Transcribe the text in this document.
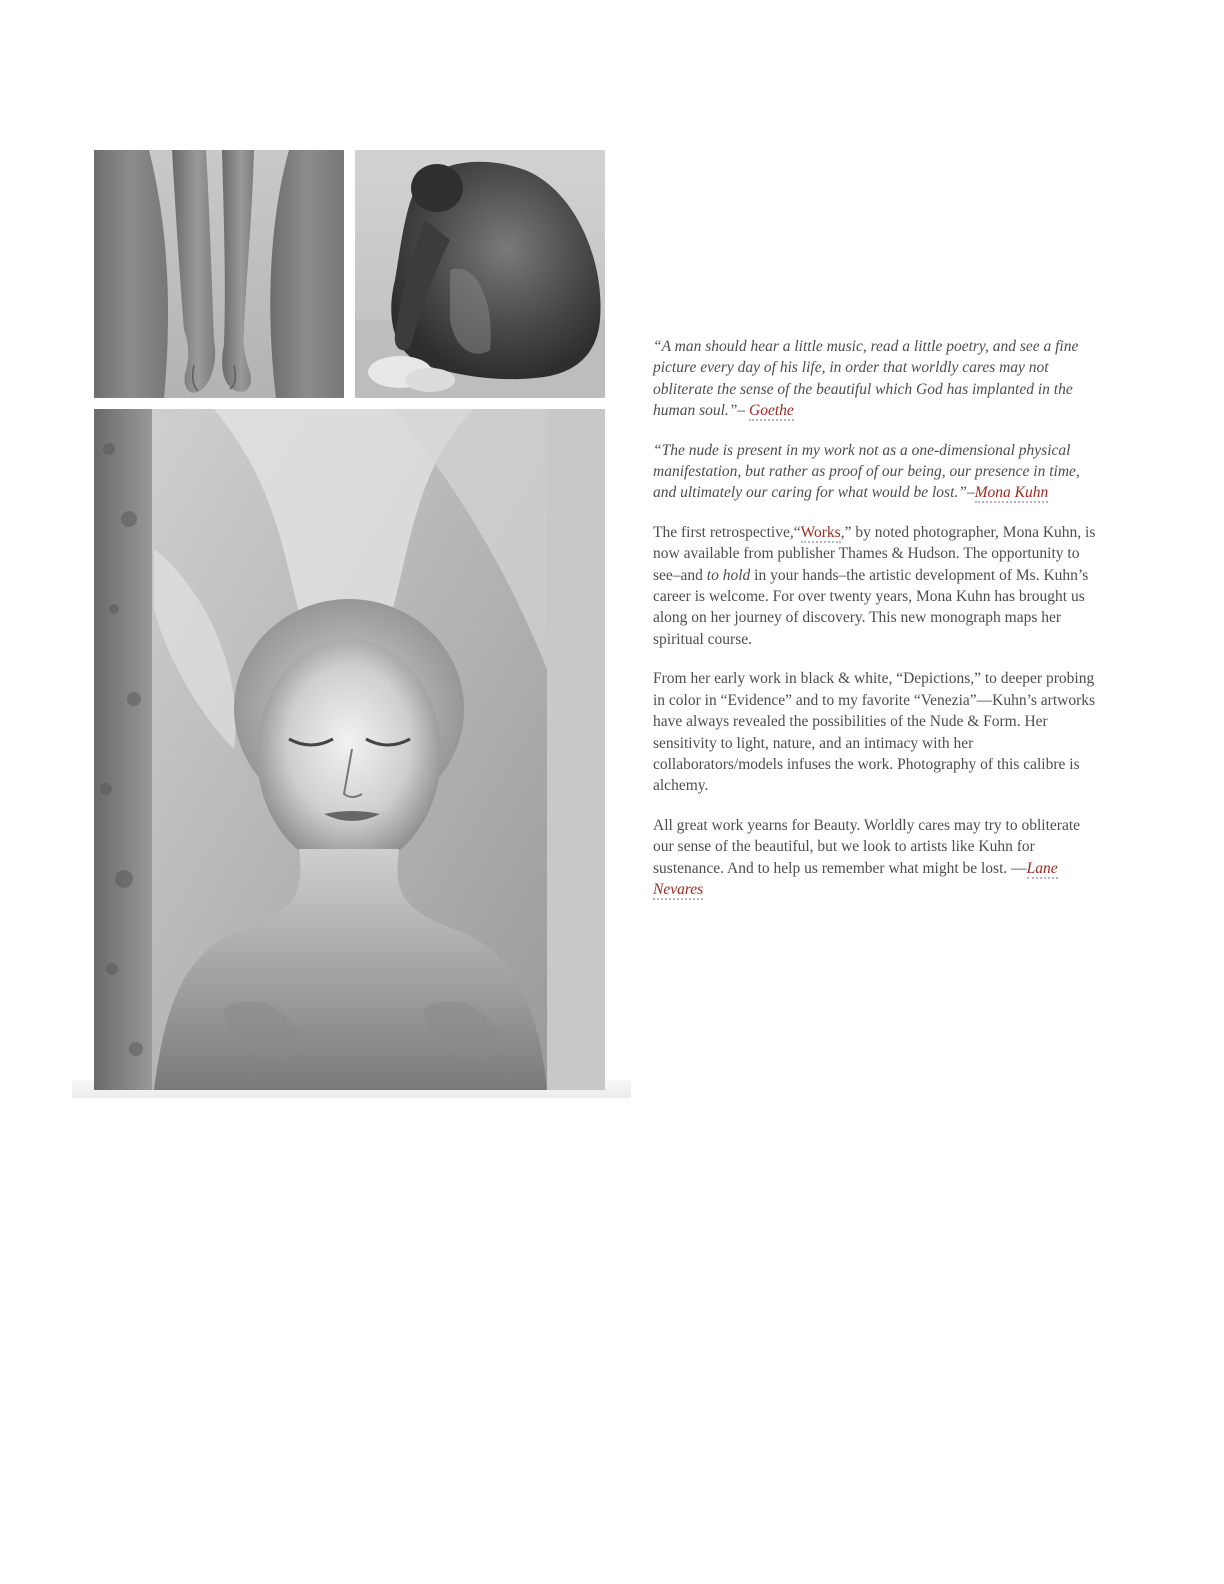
“A man should hear a little music, read a little poetry, and see a fine picture every day of his life, in order that worldly cares may not obliterate the sense of the beautiful which God has implanted in the human soul.”– Goethe

“The nude is present in my work not as a one-dimensional physical manifestation, but rather as proof of our being, our presence in time, and ultimately our caring for what would be lost.”–Mona Kuhn

The first retrospective,“Works,” by noted photographer, Mona Kuhn, is now available from publisher Thames & Hudson. The opportunity to see–and to hold in your hands–the artistic development of Ms. Kuhn’s career is welcome. For over twenty years, Mona Kuhn has brought us along on her journey of discovery. This new monograph maps her spiritual course.

From her early work in black & white, “Depictions,” to deeper probing in color in “Evidence” and to my favorite “Venezia”—Kuhn’s artworks have always revealed the possibilities of the Nude & Form. Her sensitivity to light, nature, and an intimacy with her collaborators/models infuses the work. Photography of this calibre is alchemy.

All great work yearns for Beauty. Worldly cares may try to obliterate our sense of the beautiful, but we look to artists like Kuhn for sustenance. And to help us remember what might be lost. —Lane Nevares
